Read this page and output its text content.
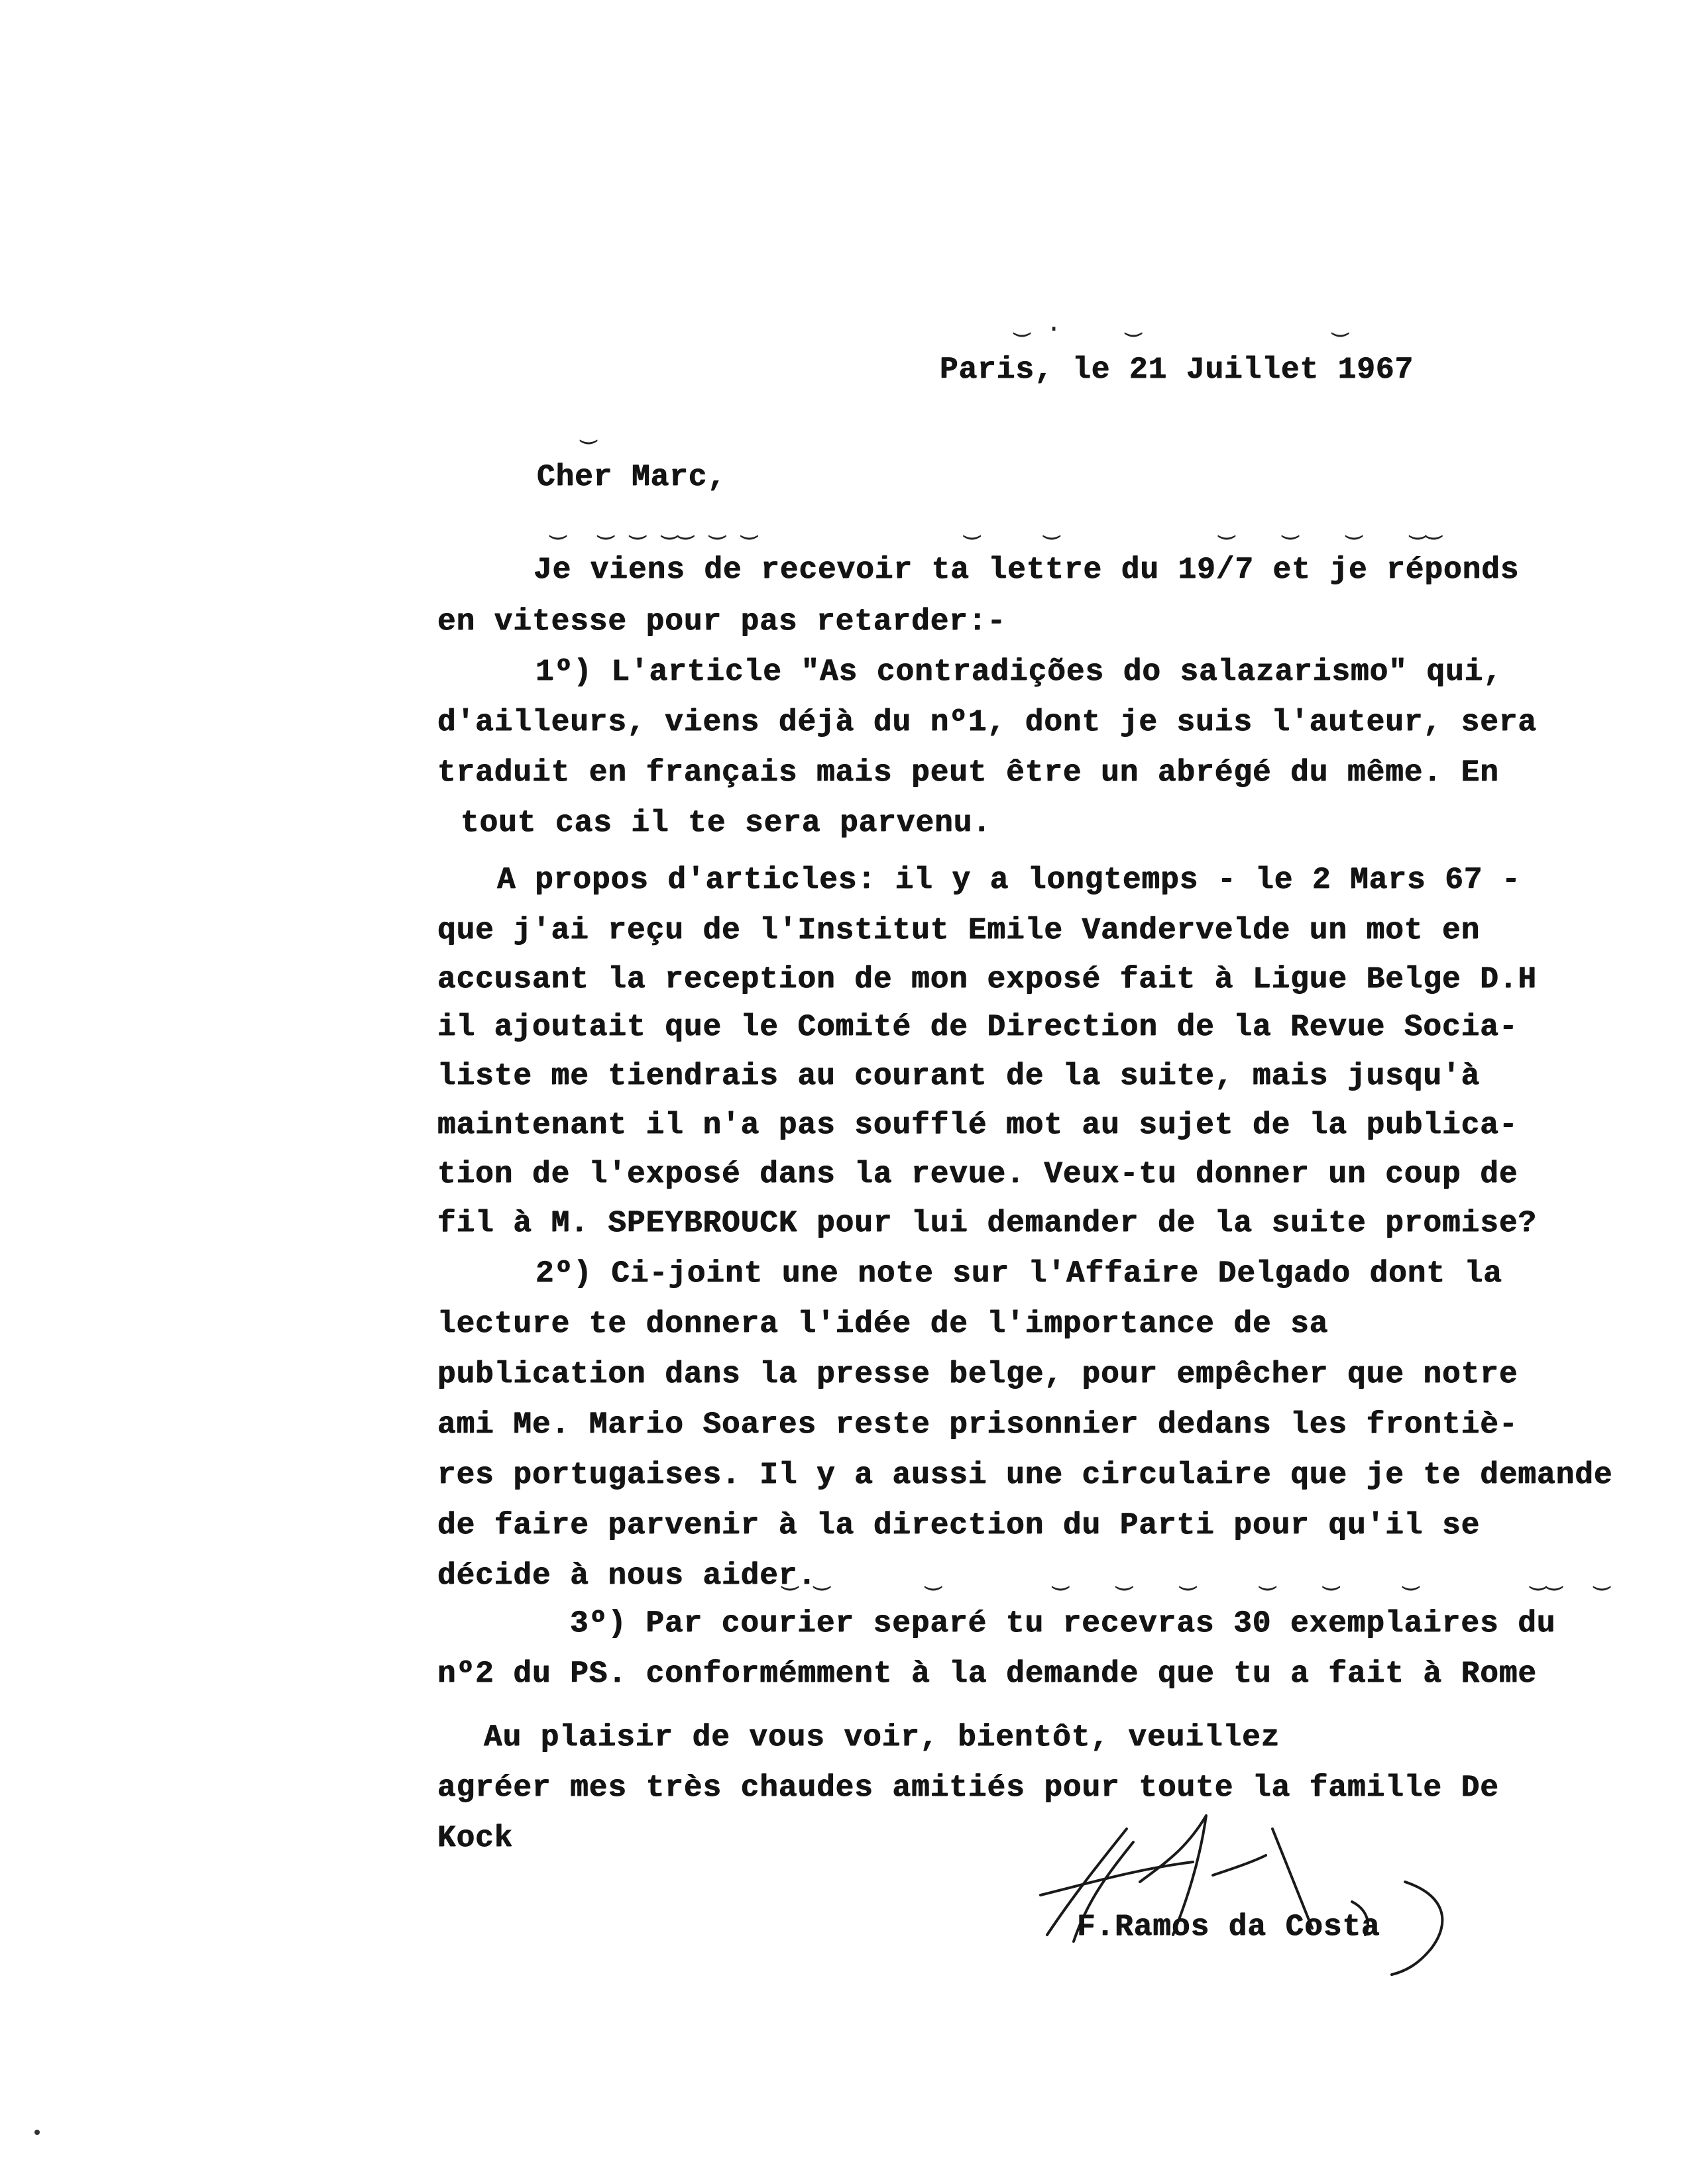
‿ .    ‿            ‿
Paris, le 21 Juillet 1967
‿
Cher Marc,
‿  ‿ ‿ ‿‿ ‿ ‿             ‿    ‿          ‿   ‿   ‿   ‿‿
Je viens de recevoir ta lettre du 19/7 et je réponds
en vitesse pour pas retarder:-
1º) L'article "As contradições do salazarismo" qui,
d'ailleurs, viens déjà du nº1, dont je suis l'auteur, sera
traduit en français mais peut être un abrégé du même. En
tout cas il te sera parvenu.
A propos d'articles: il y a longtemps - le 2 Mars 67 -
que j'ai reçu de l'Institut Emile Vandervelde un mot en
accusant la reception de mon exposé fait à Ligue Belge D.H
il ajoutait que le Comité de Direction de la Revue Socia-
liste me tiendrais au courant de la suite, mais jusqu'à
maintenant il n'a pas soufflé mot au sujet de la publica-
tion de l'exposé dans la revue. Veux-tu donner un coup de
fil à M. SPEYBROUCK pour lui demander de la suite promise?
2º) Ci-joint une note sur l'Affaire Delgado dont la
lecture te donnera l'idée de l'importance de sa
publication dans la presse belge, pour empêcher que notre
ami Me. Mario Soares reste prisonnier dedans les frontiè-
res portugaises. Il y a aussi une circulaire que je te demande
de faire parvenir à la direction du Parti pour qu'il se
décide à nous aider.
‿ ‿      ‿       ‿   ‿   ‿    ‿   ‿    ‿       ‿‿  ‿
3º) Par courier separé tu recevras 30 exemplaires du
nº2 du PS. conformémment à la demande que tu a fait à Rome
Au plaisir de vous voir, bientôt, veuillez
agréer mes très chaudes amitiés pour toute la famille De
Kock
F.Ramos da Costa
